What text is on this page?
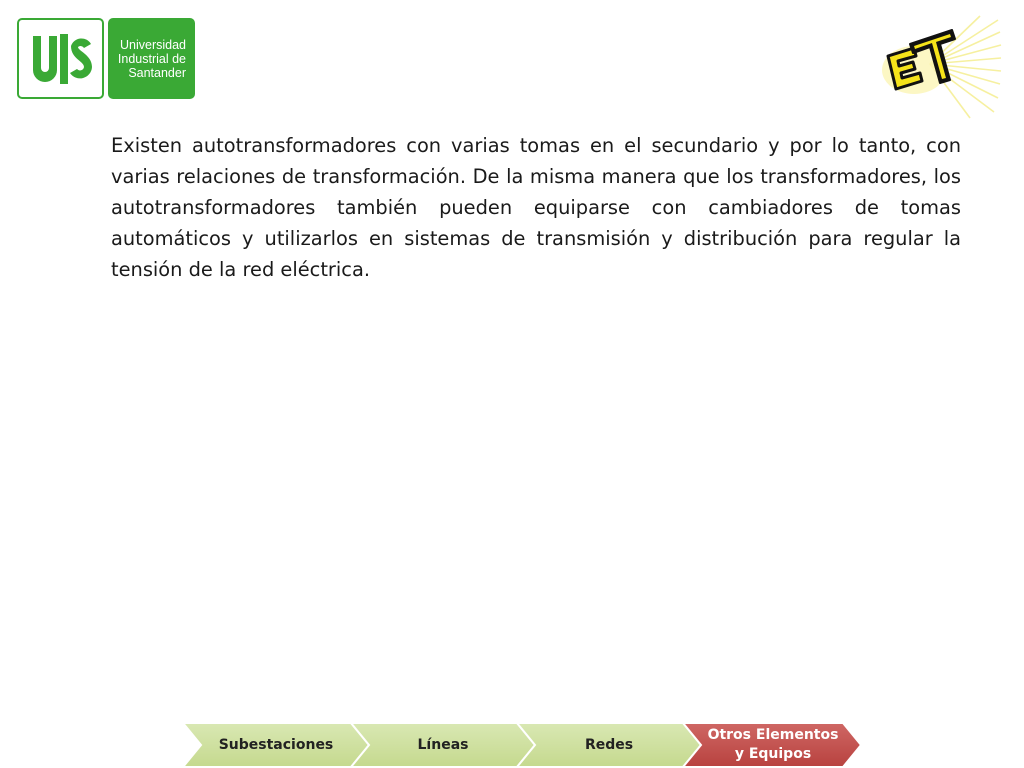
Universidad
Industrial de
Santander

Existen autotransformadores con varias tomas en el secundario y por lo tanto, con varias relaciones de transformación. De la misma manera que los transformadores, los autotransformadores también pueden equiparse con cambiadores de tomas automáticos y utilizarlos en sistemas de transmisión y distribución para regular la tensión de la red eléctrica.

Subestaciones	Líneas	Redes
Otros Elementos
y Equipos
